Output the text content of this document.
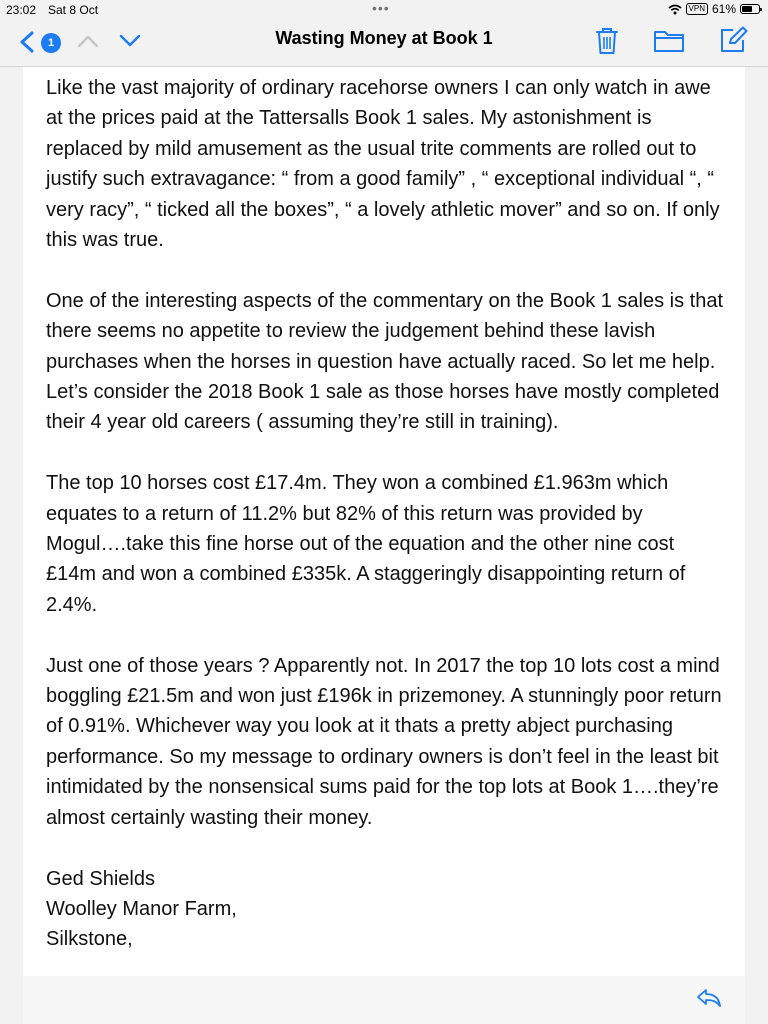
23:02 Sat 8 Oct	•••	VPN 61%
1	Wasting Money at Book 1

Like the vast majority of ordinary racehorse owners I can only watch in awe at the prices paid at the Tattersalls Book 1 sales. My astonishment is replaced by mild amusement as the usual trite comments are rolled out to justify such extravagance: “ from a good family” , “ exceptional individual “, “ very racy”, “ ticked all the boxes”, “ a lovely athletic mover” and so on. If only this was true.

One of the interesting aspects of the commentary on the Book 1 sales is that there seems no appetite to review the judgement behind these lavish purchases when the horses in question have actually raced. So let me help. Let’s consider the 2018 Book 1 sale as those horses have mostly completed their 4 year old careers ( assuming they’re still in training).

The top 10 horses cost £17.4m. They won a combined £1.963m which equates to a return of 11.2% but 82% of this return was provided by Mogul….take this fine horse out of the equation and the other nine cost £14m and won a combined £335k. A staggeringly disappointing return of 2.4%.

Just one of those years ? Apparently not. In 2017 the top 10 lots cost a mind boggling £21.5m and won just £196k in prizemoney. A stunningly poor return of 0.91%. Whichever way you look at it thats a pretty abject purchasing performance. So my message to ordinary owners is don’t feel in the least bit intimidated by the nonsensical sums paid for the top lots at Book 1….they’re almost certainly wasting their money.

Ged Shields

Woolley Manor Farm,

Silkstone,
